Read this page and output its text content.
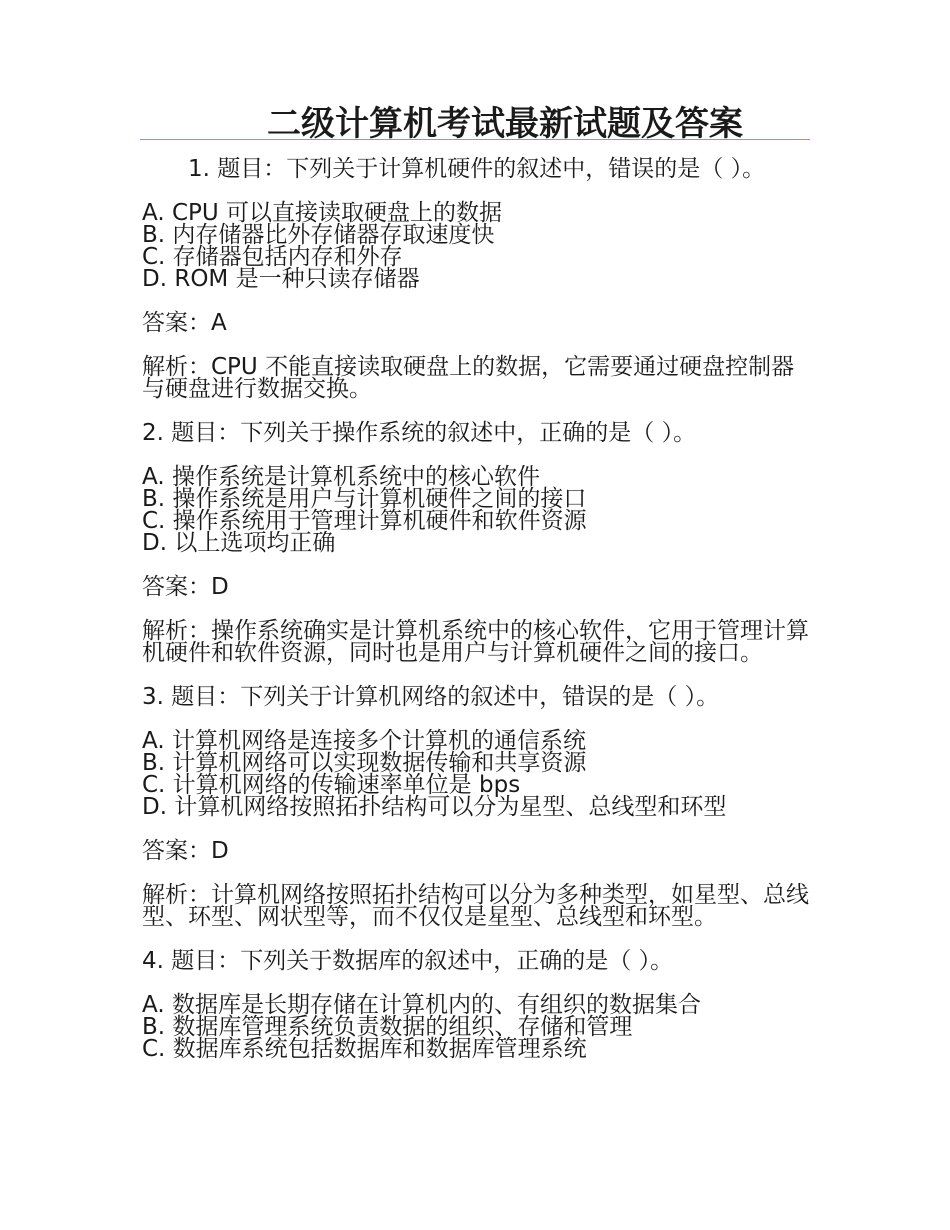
二级计算机考试最新试题及答案
1. 题目：下列关于计算机硬件的叙述中，错误的是（ ）。
A. CPU 可以直接读取硬盘上的数据
B. 内存储器比外存储器存取速度快
C. 存储器包括内存和外存
D. ROM 是一种只读存储器
答案：A
解析：CPU 不能直接读取硬盘上的数据，它需要通过硬盘控制器与硬盘进行数据交换。
2. 题目：下列关于操作系统的叙述中，正确的是（ ）。
A. 操作系统是计算机系统中的核心软件
B. 操作系统是用户与计算机硬件之间的接口
C. 操作系统用于管理计算机硬件和软件资源
D. 以上选项均正确
答案：D
解析：操作系统确实是计算机系统中的核心软件，它用于管理计算机硬件和软件资源，同时也是用户与计算机硬件之间的接口。
3. 题目：下列关于计算机网络的叙述中，错误的是（ ）。
A. 计算机网络是连接多个计算机的通信系统
B. 计算机网络可以实现数据传输和共享资源
C. 计算机网络的传输速率单位是 bps
D. 计算机网络按照拓扑结构可以分为星型、总线型和环型
答案：D
解析：计算机网络按照拓扑结构可以分为多种类型，如星型、总线型、环型、网状型等，而不仅仅是星型、总线型和环型。
4. 题目：下列关于数据库的叙述中，正确的是（ ）。
A. 数据库是长期存储在计算机内的、有组织的数据集合
B. 数据库管理系统负责数据的组织、存储和管理
C. 数据库系统包括数据库和数据库管理系统
